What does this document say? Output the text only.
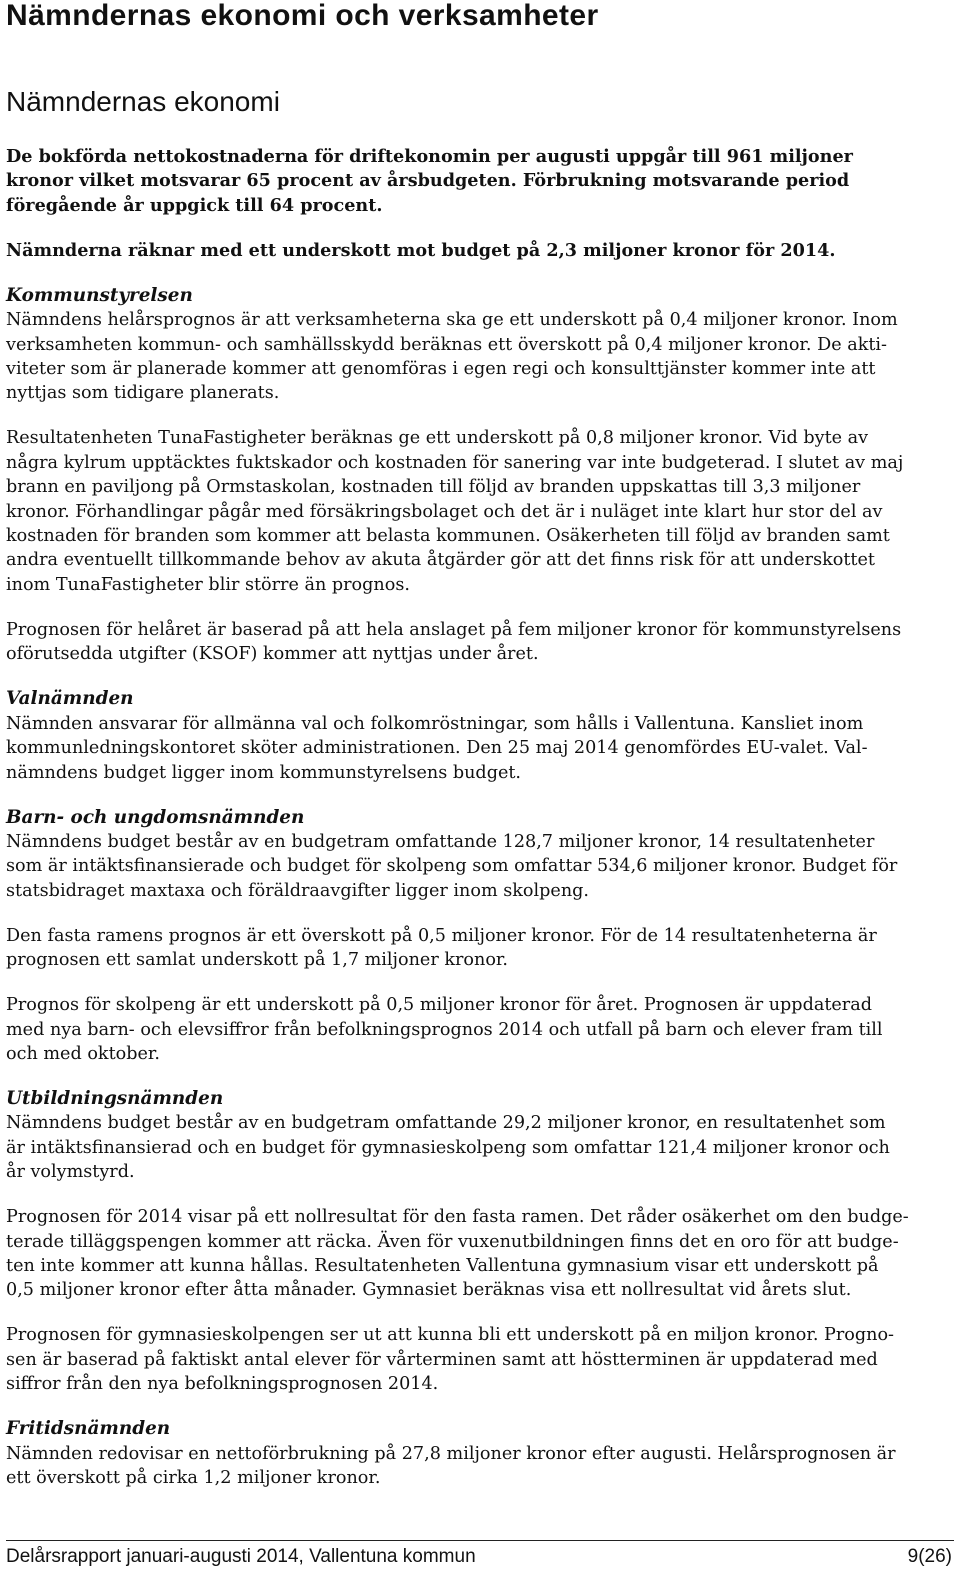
Nämndernas ekonomi och verksamheter
Nämndernas ekonomi

De bokförda nettokostnaderna för driftekonomin per augusti uppgår till 961 miljoner
kronor vilket motsvarar 65 procent av årsbudgeten. Förbrukning motsvarande period
föregående år uppgick till 64 procent.

Nämnderna räknar med ett underskott mot budget på 2,3 miljoner kronor för 2014.

Kommunstyrelsen

Nämndens helårsprognos är att verksamheterna ska ge ett underskott på 0,4 miljoner kronor. Inom
verksamheten kommun- och samhällsskydd beräknas ett överskott på 0,4 miljoner kronor. De akti-
viteter som är planerade kommer att genomföras i egen regi och konsulttjänster kommer inte att
nyttjas som tidigare planerats.

Resultatenheten TunaFastigheter beräknas ge ett underskott på 0,8 miljoner kronor. Vid byte av
några kylrum upptäcktes fuktskador och kostnaden för sanering var inte budgeterad. I slutet av maj
brann en paviljong på Ormstaskolan, kostnaden till följd av branden uppskattas till 3,3 miljoner
kronor. Förhandlingar pågår med försäkringsbolaget och det är i nuläget inte klart hur stor del av
kostnaden för branden som kommer att belasta kommunen. Osäkerheten till följd av branden samt
andra eventuellt tillkommande behov av akuta åtgärder gör att det finns risk för att underskottet
inom TunaFastigheter blir större än prognos.

Prognosen för helåret är baserad på att hela anslaget på fem miljoner kronor för kommunstyrelsens
oförutsedda utgifter (KSOF) kommer att nyttjas under året.

Valnämnden

Nämnden ansvarar för allmänna val och folkomröstningar, som hålls i Vallentuna. Kansliet inom
kommunledningskontoret sköter administrationen. Den 25 maj 2014 genomfördes EU-valet. Val-
nämndens budget ligger inom kommunstyrelsens budget.

Barn- och ungdomsnämnden

Nämndens budget består av en budgetram omfattande 128,7 miljoner kronor, 14 resultatenheter
som är intäktsfinansierade och budget för skolpeng som omfattar 534,6 miljoner kronor. Budget för
statsbidraget maxtaxa och föräldraavgifter ligger inom skolpeng.

Den fasta ramens prognos är ett överskott på 0,5 miljoner kronor. För de 14 resultatenheterna är
prognosen ett samlat underskott på 1,7 miljoner kronor.

Prognos för skolpeng är ett underskott på 0,5 miljoner kronor för året. Prognosen är uppdaterad
med nya barn- och elevsiffror från befolkningsprognos 2014 och utfall på barn och elever fram till
och med oktober.

Utbildningsnämnden

Nämndens budget består av en budgetram omfattande 29,2 miljoner kronor, en resultatenhet som
är intäktsfinansierad och en budget för gymnasieskolpeng som omfattar 121,4 miljoner kronor och
år volymstyrd.

Prognosen för 2014 visar på ett nollresultat för den fasta ramen. Det råder osäkerhet om den budge-
terade tilläggspengen kommer att räcka. Även för vuxenutbildningen finns det en oro för att budge-
ten inte kommer att kunna hållas. Resultatenheten Vallentuna gymnasium visar ett underskott på
0,5 miljoner kronor efter åtta månader. Gymnasiet beräknas visa ett nollresultat vid årets slut.

Prognosen för gymnasieskolpengen ser ut att kunna bli ett underskott på en miljon kronor. Progno-
sen är baserad på faktiskt antal elever för vårterminen samt att höstterminen är uppdaterad med
siffror från den nya befolkningsprognosen 2014.

Fritidsnämnden

Nämnden redovisar en nettoförbrukning på 27,8 miljoner kronor efter augusti. Helårsprognosen är
ett överskott på cirka 1,2 miljoner kronor.

Delårsrapport januari-augusti 2014, Vallentuna kommun	9(26)
